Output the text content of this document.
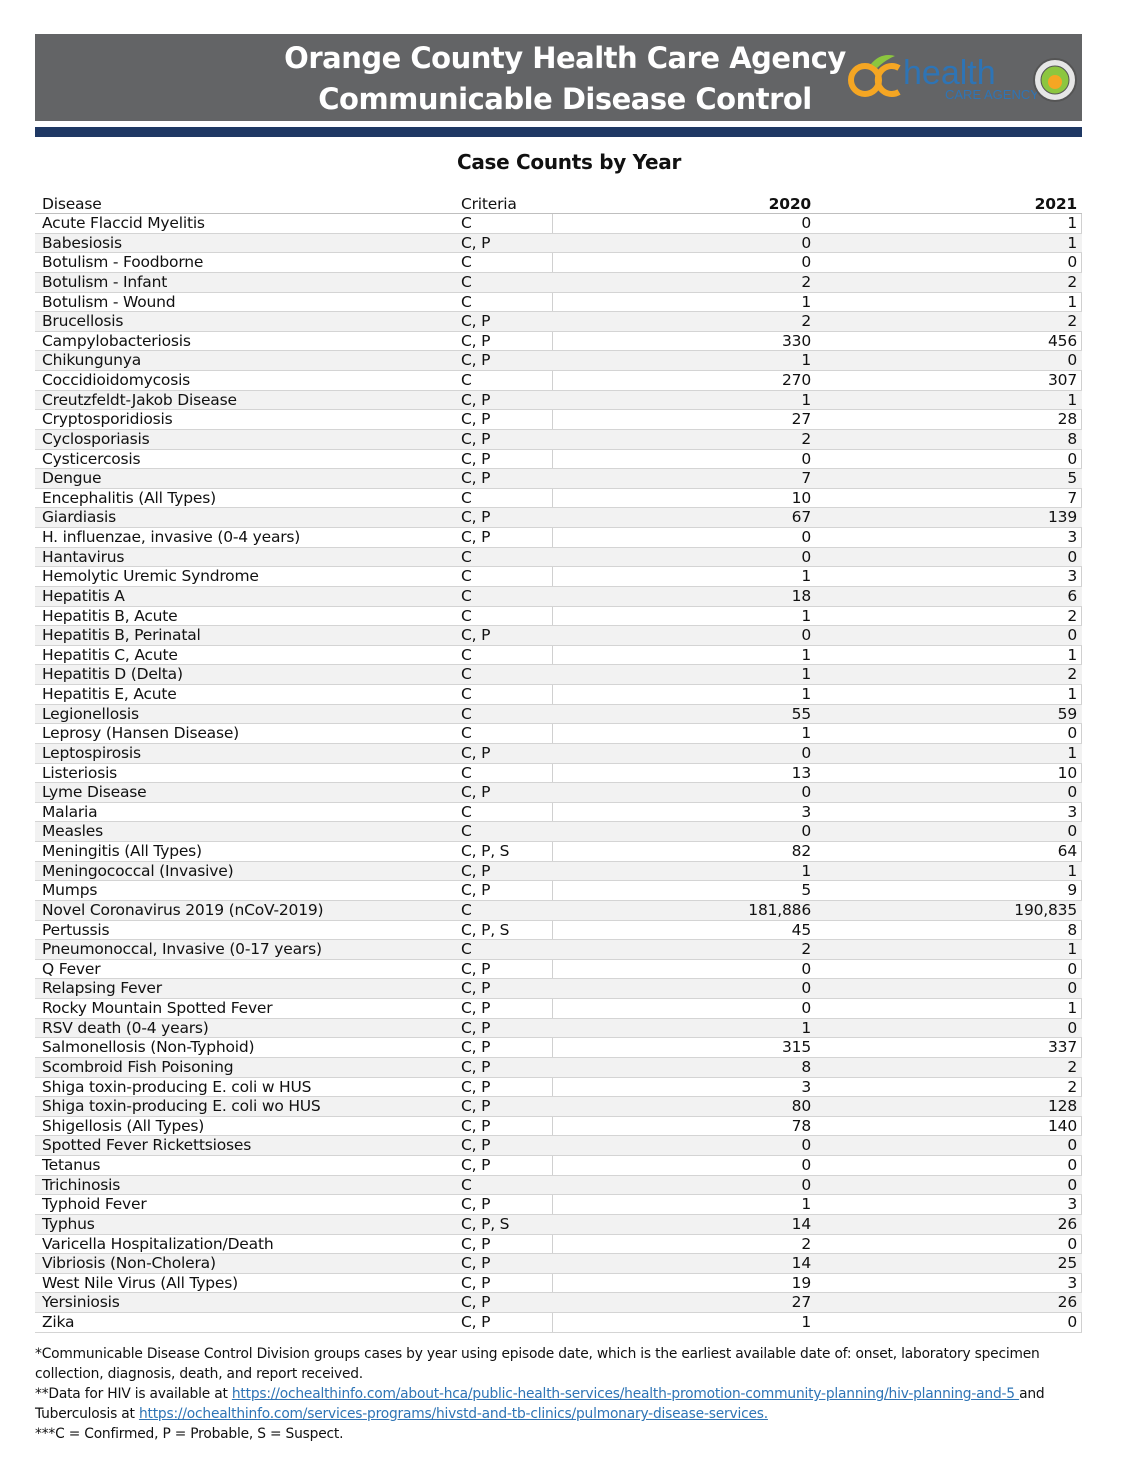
Orange County Health Care Agency
Communicable Disease Control
health
CARE AGENCY
Case Counts by Year
Disease	Criteria	2020	2021
Acute Flaccid Myelitis	C	0	1
Babesiosis	C, P	0	1
Botulism - Foodborne	C	0	0
Botulism - Infant	C	2	2
Botulism - Wound	C	1	1
Brucellosis	C, P	2	2
Campylobacteriosis	C, P	330	456
Chikungunya	C, P	1	0
Coccidioidomycosis	C	270	307
Creutzfeldt-Jakob Disease	C, P	1	1
Cryptosporidiosis	C, P	27	28
Cyclosporiasis	C, P	2	8
Cysticercosis	C, P	0	0
Dengue	C, P	7	5
Encephalitis (All Types)	C	10	7
Giardiasis	C, P	67	139
H. influenzae, invasive (0-4 years)	C, P	0	3
Hantavirus	C	0	0
Hemolytic Uremic Syndrome	C	1	3
Hepatitis A	C	18	6
Hepatitis B, Acute	C	1	2
Hepatitis B, Perinatal	C, P	0	0
Hepatitis C, Acute	C	1	1
Hepatitis D (Delta)	C	1	2
Hepatitis E, Acute	C	1	1
Legionellosis	C	55	59
Leprosy (Hansen Disease)	C	1	0
Leptospirosis	C, P	0	1
Listeriosis	C	13	10
Lyme Disease	C, P	0	0
Malaria	C	3	3
Measles	C	0	0
Meningitis (All Types)	C, P, S	82	64
Meningococcal (Invasive)	C, P	1	1
Mumps	C, P	5	9
Novel Coronavirus 2019 (nCoV-2019)	C	181,886	190,835
Pertussis	C, P, S	45	8
Pneumonoccal, Invasive (0-17 years)	C	2	1
Q Fever	C, P	0	0
Relapsing Fever	C, P	0	0
Rocky Mountain Spotted Fever	C, P	0	1
RSV death (0-4 years)	C, P	1	0
Salmonellosis (Non-Typhoid)	C, P	315	337
Scombroid Fish Poisoning	C, P	8	2
Shiga toxin-producing E. coli w HUS	C, P	3	2
Shiga toxin-producing E. coli wo HUS	C, P	80	128
Shigellosis (All Types)	C, P	78	140
Spotted Fever Rickettsioses	C, P	0	0
Tetanus	C, P	0	0
Trichinosis	C	0	0
Typhoid Fever	C, P	1	3
Typhus	C, P, S	14	26
Varicella Hospitalization/Death	C, P	2	0
Vibriosis (Non-Cholera)	C, P	14	25
West Nile Virus (All Types)	C, P	19	3
Yersiniosis	C, P	27	26
Zika	C, P	1	0

*Communicable Disease Control Division groups cases by year using episode date, which is the earliest available date of: onset, laboratory specimen collection, diagnosis, death, and report received.

**Data for HIV is available at https://ochealthinfo.com/about-hca/public-health-services/health-promotion-community-planning/hiv-planning-and-5 and
Tuberculosis at https://ochealthinfo.com/services-programs/hivstd-and-tb-clinics/pulmonary-disease-services.

***C = Confirmed, P = Probable, S = Suspect.
